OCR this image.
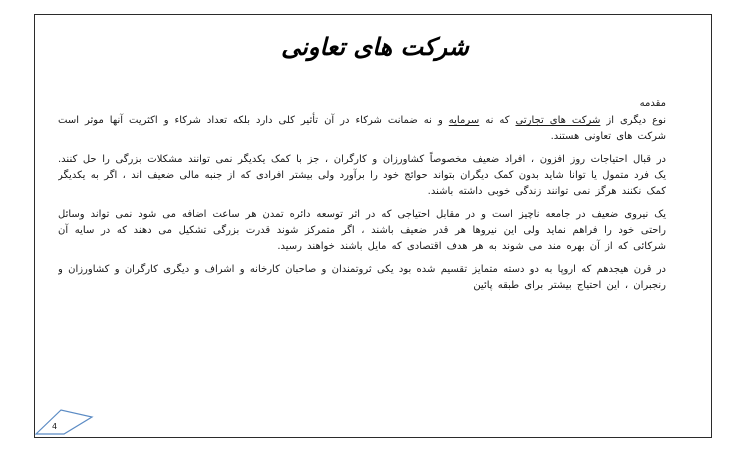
شرکت های تعاونی
مقدمه

نوع دیگری از شرکت های تجارتی که نه سرمایه و نه ضمانت شرکاء در آن تأثیر کلی دارد بلکه تعداد شرکاء و اکثریت آنها موثر است شرکت های تعاونی هستند.

در قبال احتیاجات روز افزون ، افراد ضعیف مخصوصاً کشاورزان و کارگران ، جز با کمک یکدیگر نمی توانند مشکلات بزرگی را حل کنند. یک فرد متمول یا توانا شاید بدون کمک دیگران بتواند حوائج خود را برآورد ولی بیشتر افرادی که از جنبه مالی ضعیف اند ، اگر به یکدیگر کمک نکنند هرگز نمی توانند زندگی خوبی داشته باشند.

یک نیروی ضعیف در جامعه ناچیز است و در مقابل احتیاجی که در اثر توسعه دائره تمدن هر ساعت اضافه می شود نمی تواند وسائل راحتی خود را فراهم نماید ولی این نیروها هر قدر ضعیف باشند ، اگر متمرکز شوند قدرت بزرگی تشکیل می دهند که در سایه آن شرکائی که از آن بهره مند می شوند به هر هدف اقتصادی که مایل باشند خواهند رسید.

در قرن هیجدهم که اروپا به دو دسته متمایز تقسیم شده بود یکی ثروتمندان و صاحبان کارخانه و اشراف و دیگری کارگران و کشاورزان و رنجبران ، این احتیاج بیشتر برای طبقه پائین

4
